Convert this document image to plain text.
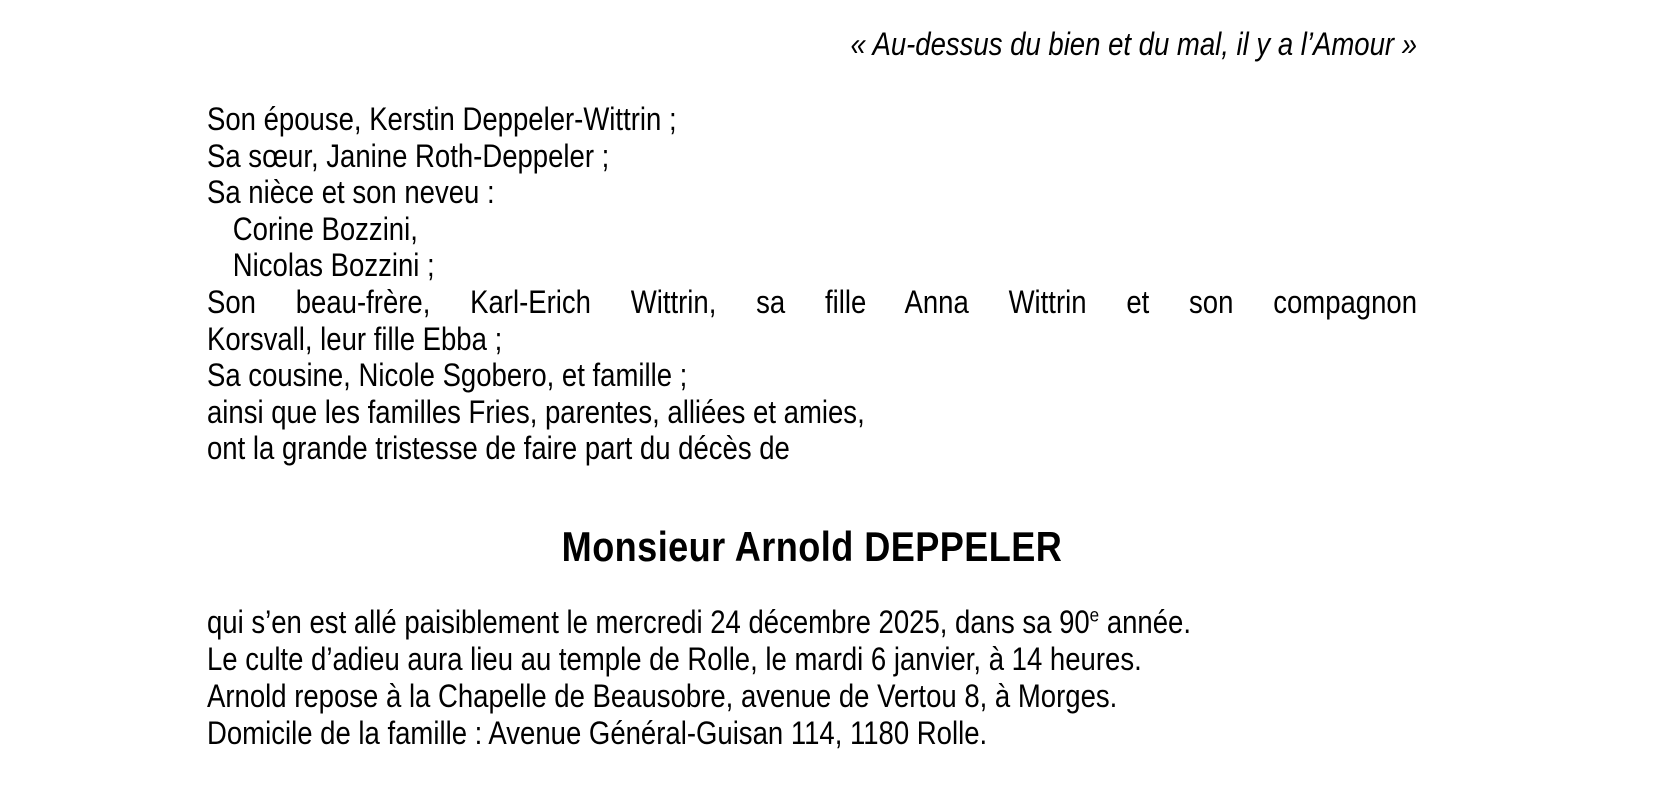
« Au-dessus du bien et du mal, il y a l’Amour »
Son épouse, Kerstin Deppeler-Wittrin ;
Sa sœur, Janine Roth-Deppeler ;
Sa nièce et son neveu :
Corine Bozzini,
Nicolas Bozzini ;
Son beau-frère, Karl-Erich Wittrin, sa fille Anna Wittrin et son compagnon
Korsvall, leur fille Ebba ;
Sa cousine, Nicole Sgobero, et famille ;
ainsi que les familles Fries, parentes, alliées et amies,
ont la grande tristesse de faire part du décès de
Monsieur Arnold DEPPELER
qui s’en est allé paisiblement le mercredi 24 décembre 2025, dans sa 90e année.
Le culte d’adieu aura lieu au temple de Rolle, le mardi 6 janvier, à 14 heures.
Arnold repose à la Chapelle de Beausobre, avenue de Vertou 8, à Morges.
Domicile de la famille : Avenue Général-Guisan 114, 1180 Rolle.
